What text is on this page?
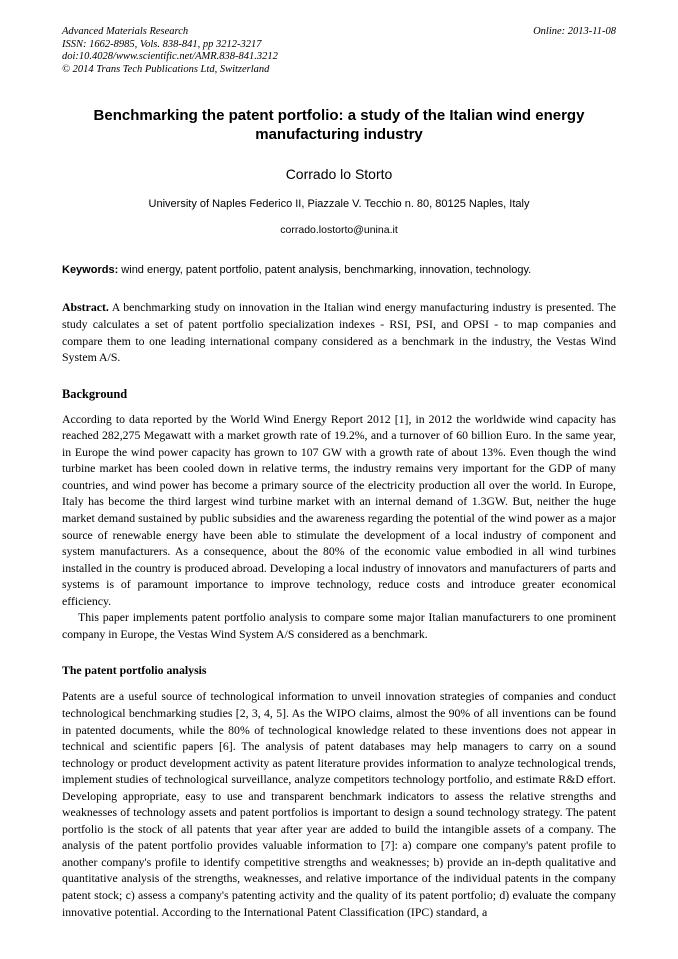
Advanced Materials Research
ISSN: 1662-8985, Vols. 838-841, pp 3212-3217
doi:10.4028/www.scientific.net/AMR.838-841.3212
© 2014 Trans Tech Publications Ltd, Switzerland
Online: 2013-11-08
Benchmarking the patent portfolio: a study of the Italian wind energy manufacturing industry
Corrado lo Storto
University of Naples Federico II, Piazzale V. Tecchio n. 80, 80125 Naples, Italy
corrado.lostorto@unina.it
Keywords: wind energy, patent portfolio, patent analysis, benchmarking, innovation, technology.
Abstract. A benchmarking study on innovation in the Italian wind energy manufacturing industry is presented. The study calculates a set of patent portfolio specialization indexes - RSI, PSI, and OPSI - to map companies and compare them to one leading international company considered as a benchmark in the industry, the Vestas Wind System A/S.
Background
According to data reported by the World Wind Energy Report 2012 [1], in 2012 the worldwide wind capacity has reached 282,275 Megawatt with a market growth rate of 19.2%, and a turnover of 60 billion Euro. In the same year, in Europe the wind power capacity has grown to 107 GW with a growth rate of about 13%. Even though the wind turbine market has been cooled down in relative terms, the industry remains very important for the GDP of many countries, and wind power has become a primary source of the electricity production all over the world. In Europe, Italy has become the third largest wind turbine market with an internal demand of 1.3GW. But, neither the huge market demand sustained by public subsidies and the awareness regarding the potential of the wind power as a major source of renewable energy have been able to stimulate the development of a local industry of component and system manufacturers. As a consequence, about the 80% of the economic value embodied in all wind turbines installed in the country is produced abroad. Developing a local industry of innovators and manufacturers of parts and systems is of paramount importance to improve technology, reduce costs and introduce greater economical efficiency.
This paper implements patent portfolio analysis to compare some major Italian manufacturers to one prominent company in Europe, the Vestas Wind System A/S considered as a benchmark.
The patent portfolio analysis
Patents are a useful source of technological information to unveil innovation strategies of companies and conduct technological benchmarking studies [2, 3, 4, 5]. As the WIPO claims, almost the 90% of all inventions can be found in patented documents, while the 80% of technological knowledge related to these inventions does not appear in technical and scientific papers [6]. The analysis of patent databases may help managers to carry on a sound technology or product development activity as patent literature provides information to analyze technological trends, implement studies of technological surveillance, analyze competitors technology portfolio, and estimate R&D effort. Developing appropriate, easy to use and transparent benchmark indicators to assess the relative strengths and weaknesses of technology assets and patent portfolios is important to design a sound technology strategy. The patent portfolio is the stock of all patents that year after year are added to build the intangible assets of a company. The analysis of the patent portfolio provides valuable information to [7]: a) compare one company's patent profile to another company's profile to identify competitive strengths and weaknesses; b) provide an in-depth qualitative and quantitative analysis of the strengths, weaknesses, and relative importance of the individual patents in the company patent stock; c) assess a company's patenting activity and the quality of its patent portfolio; d) evaluate the company innovative potential. According to the International Patent Classification (IPC) standard, a
